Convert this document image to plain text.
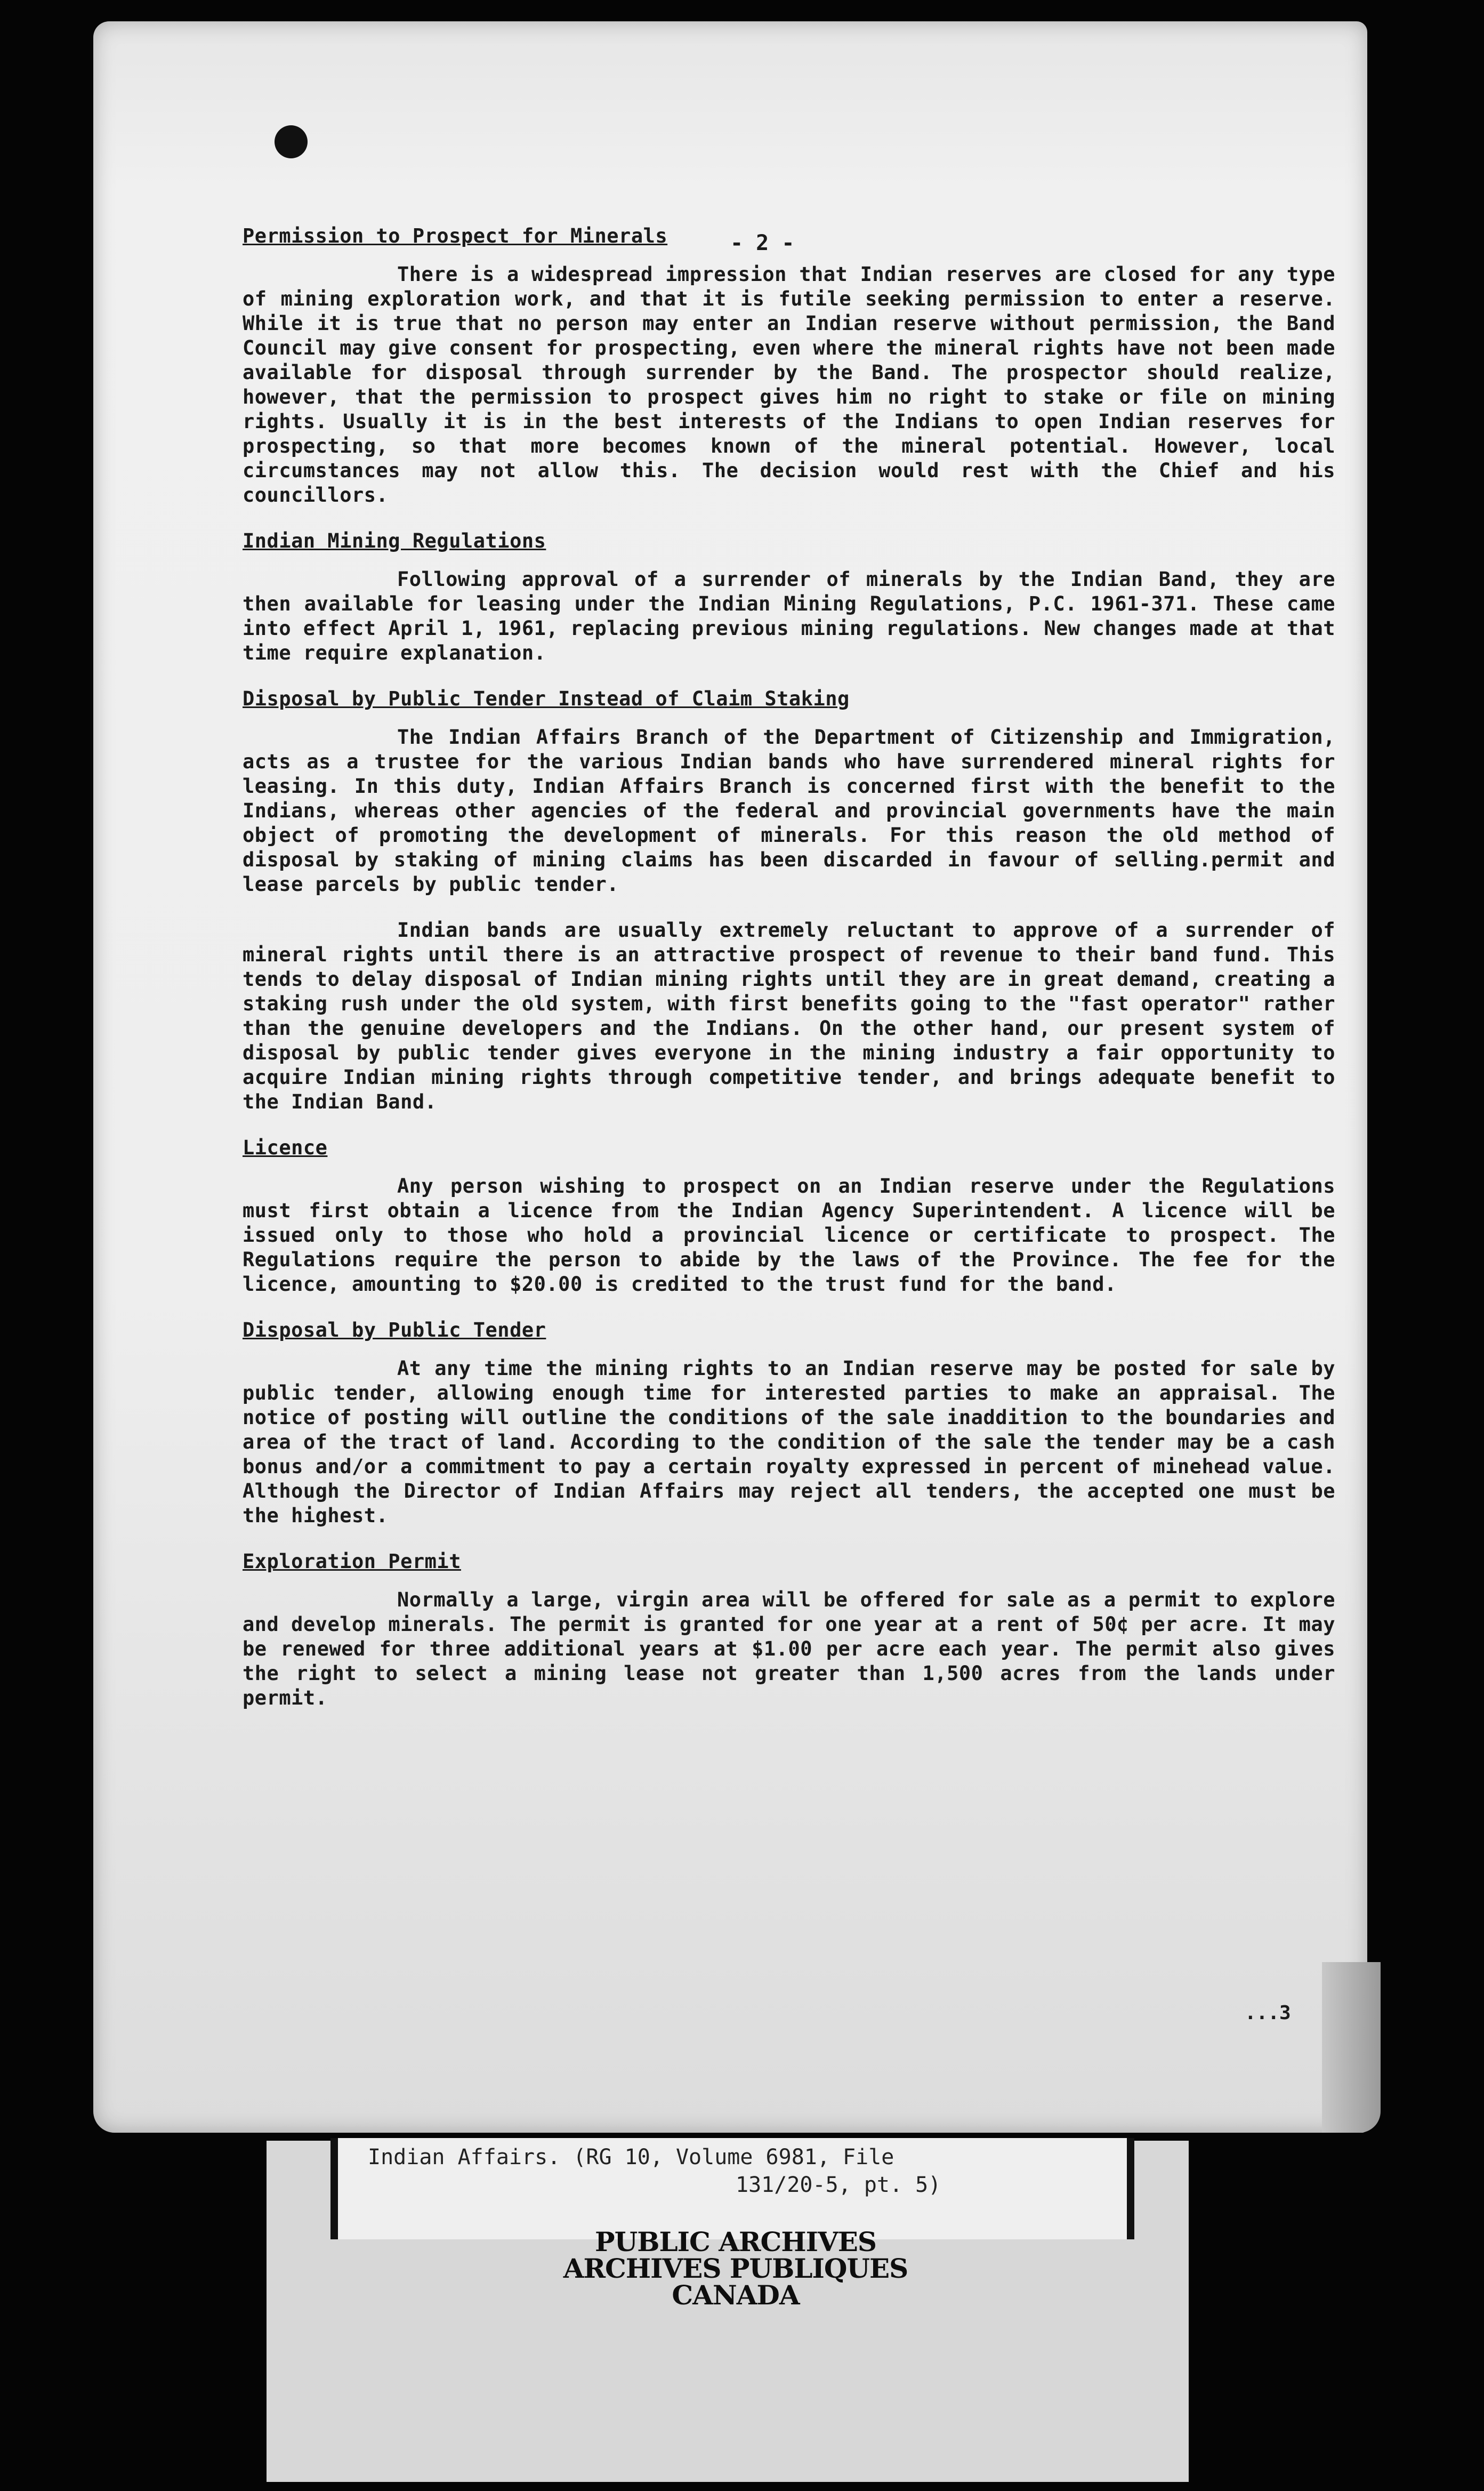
- 2 -
Permission to Prospect for Minerals

There is a widespread impression that Indian reserves are closed for any type of mining exploration work, and that it is futile seeking permission to enter a reserve. While it is true that no person may enter an Indian reserve without permission, the Band Council may give consent for prospecting, even where the mineral rights have not been made available for disposal through surrender by the Band. The prospector should realize, however, that the permission to prospect gives him no right to stake or file on mining rights. Usually it is in the best interests of the Indians to open Indian reserves for prospecting, so that more becomes known of the mineral potential. However, local circumstances may not allow this. The decision would rest with the Chief and his councillors.

Indian Mining Regulations

Following approval of a surrender of minerals by the Indian Band, they are then available for leasing under the Indian Mining Regulations, P.C. 1961-371. These came into effect April 1, 1961, replacing previous mining regulations. New changes made at that time require explanation.

Disposal by Public Tender Instead of Claim Staking

The Indian Affairs Branch of the Department of Citizenship and Immigration, acts as a trustee for the various Indian bands who have surrendered mineral rights for leasing. In this duty, Indian Affairs Branch is concerned first with the benefit to the Indians, whereas other agencies of the federal and provincial governments have the main object of promoting the development of minerals. For this reason the old method of disposal by staking of mining claims has been discarded in favour of selling.permit and lease parcels by public tender.

Indian bands are usually extremely reluctant to approve of a surrender of mineral rights until there is an attractive prospect of revenue to their band fund. This tends to delay disposal of Indian mining rights until they are in great demand, creating a staking rush under the old system, with first benefits going to the "fast operator" rather than the genuine developers and the Indians. On the other hand, our present system of disposal by public tender gives everyone in the mining industry a fair opportunity to acquire Indian mining rights through competitive tender, and brings adequate benefit to the Indian Band.

Licence

Any person wishing to prospect on an Indian reserve under the Regulations must first obtain a licence from the Indian Agency Superintendent. A licence will be issued only to those who hold a provincial licence or certificate to prospect. The Regulations require the person to abide by the laws of the Province. The fee for the licence, amounting to $20.00 is credited to the trust fund for the band.

Disposal by Public Tender

At any time the mining rights to an Indian reserve may be posted for sale by public tender, allowing enough time for interested parties to make an appraisal. The notice of posting will outline the conditions of the sale inaddition to the boundaries and area of the tract of land. According to the condition of the sale the tender may be a cash bonus and/or a commitment to pay a certain royalty expressed in percent of minehead value. Although the Director of Indian Affairs may reject all tenders, the accepted one must be the highest.

Exploration Permit

Normally a large, virgin area will be offered for sale as a permit to explore and develop minerals. The permit is granted for one year at a rent of 50¢ per acre. It may be renewed for three additional years at $1.00 per acre each year. The permit also gives the right to select a mining lease not greater than 1,500 acres from the lands under permit.

...3
Indian Affairs. (RG 10, Volume 6981, File
131/20-5, pt. 5)
PUBLIC ARCHIVES
ARCHIVES PUBLIQUES
CANADA
